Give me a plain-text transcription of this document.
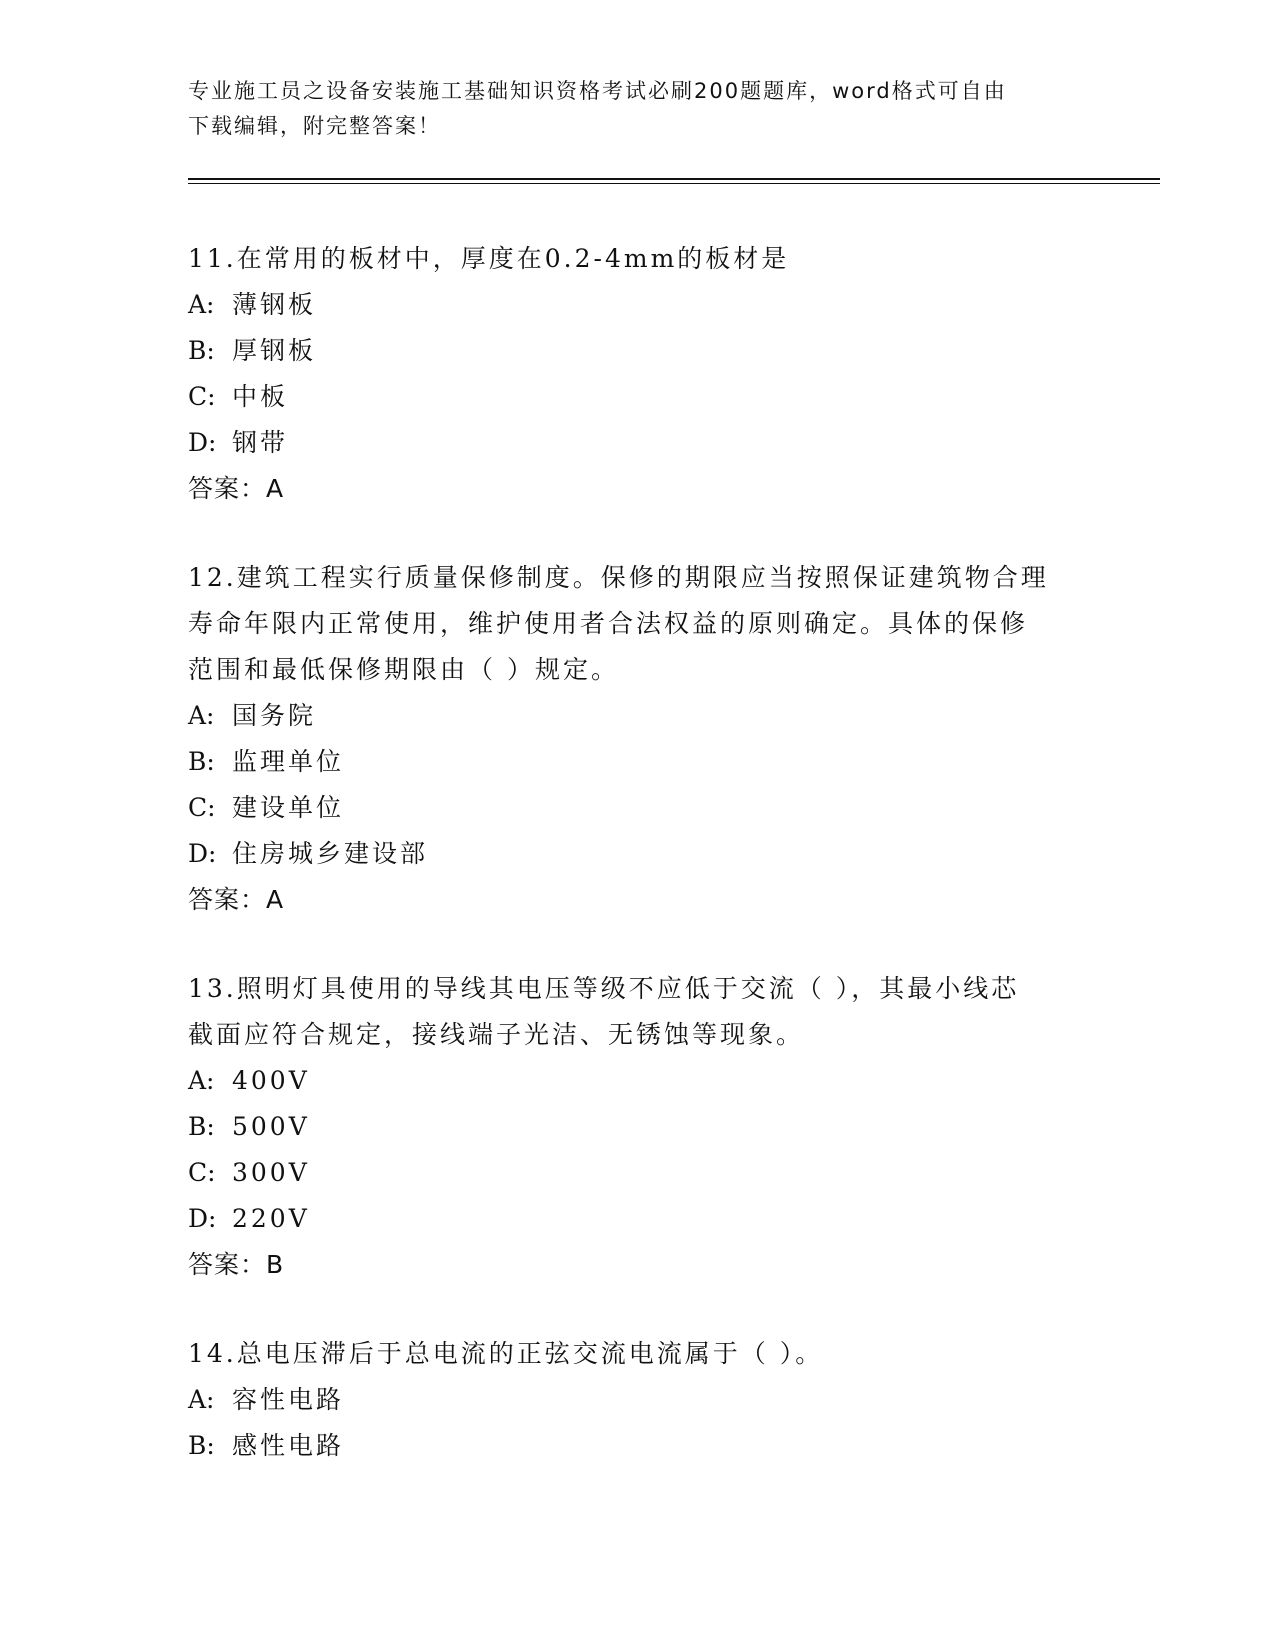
专业施工员之设备安装施工基础知识资格考试必刷200题题库，word格式可自由
下载编辑，附完整答案！
11.在常用的板材中，厚度在0.2-4mm的板材是
A: 薄钢板
B: 厚钢板
C: 中板
D: 钢带
答案：A
12.建筑工程实行质量保修制度。保修的期限应当按照保证建筑物合理
寿命年限内正常使用，维护使用者合法权益的原则确定。具体的保修
范围和最低保修期限由（ ）规定。
A: 国务院
B: 监理单位
C: 建设单位
D: 住房城乡建设部
答案：A
13.照明灯具使用的导线其电压等级不应低于交流（ ），其最小线芯
截面应符合规定，接线端子光洁、无锈蚀等现象。
A: 400V
B: 500V
C: 300V
D: 220V
答案：B
14.总电压滞后于总电流的正弦交流电流属于（ ）。
A: 容性电路
B: 感性电路
